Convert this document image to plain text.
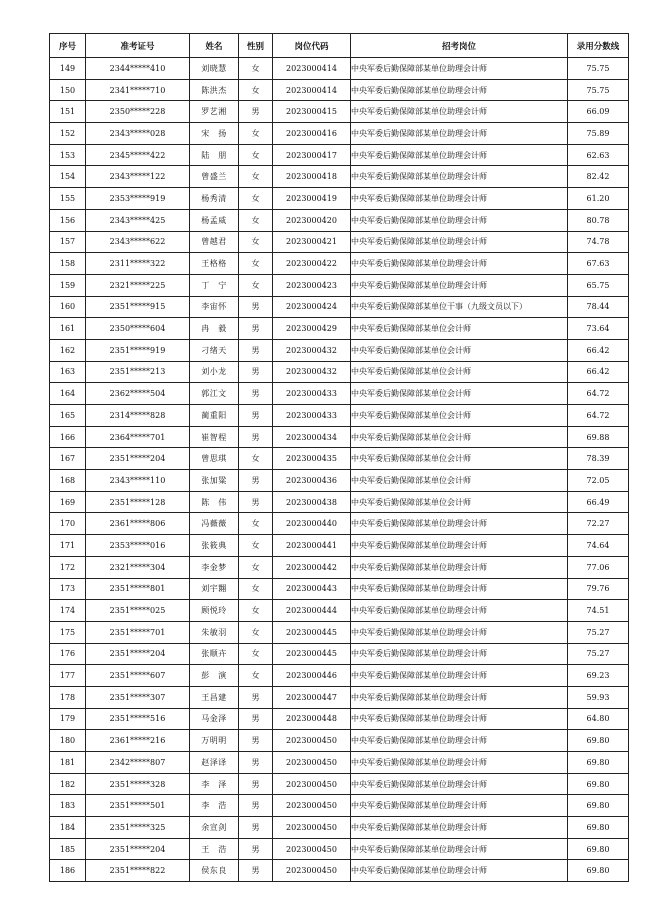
序号	准考证号	姓名	性别	岗位代码	招考岗位	录用分数线
149	2344*****410	刘晓慧	女	2023000414	中央军委后勤保障部某单位助理会计师	75.75
150	2341*****710	陈洪杰	女	2023000414	中央军委后勤保障部某单位助理会计师	75.75
151	2350*****228	罗艺湘	男	2023000415	中央军委后勤保障部某单位助理会计师	66.09
152	2343*****028	宋　扬	女	2023000416	中央军委后勤保障部某单位助理会计师	75.89
153	2345*****422	陆　朋	女	2023000417	中央军委后勤保障部某单位助理会计师	62.63
154	2343*****122	曾盛兰	女	2023000418	中央军委后勤保障部某单位助理会计师	82.42
155	2353*****919	杨秀清	女	2023000419	中央军委后勤保障部某单位助理会计师	61.20
156	2343*****425	杨孟威	女	2023000420	中央军委后勤保障部某单位助理会计师	80.78
157	2343*****622	曾越君	女	2023000421	中央军委后勤保障部某单位助理会计师	74.78
158	2311*****322	王格格	女	2023000422	中央军委后勤保障部某单位助理会计师	67.63
159	2321*****225	丁　宁	女	2023000423	中央军委后勤保障部某单位助理会计师	65.75
160	2351*****915	李宙怀	男	2023000424	中央军委后勤保障部某单位干事（九级文员以下）	78.44
161	2350*****604	冉　毅	男	2023000429	中央军委后勤保障部某单位会计师	73.64
162	2351*****919	刁绪天	男	2023000432	中央军委后勤保障部某单位会计师	66.42
163	2351*****213	刘小龙	男	2023000432	中央军委后勤保障部某单位会计师	66.42
164	2362*****504	郭江文	男	2023000433	中央军委后勤保障部某单位会计师	64.72
165	2314*****828	蔺重阳	男	2023000433	中央军委后勤保障部某单位会计师	64.72
166	2364*****701	崔智程	男	2023000434	中央军委后勤保障部某单位会计师	69.88
167	2351*****204	曾思琪	女	2023000435	中央军委后勤保障部某单位会计师	78.39
168	2343*****110	张加粱	男	2023000436	中央军委后勤保障部某单位会计师	72.05
169	2351*****128	陈　伟	男	2023000438	中央军委后勤保障部某单位会计师	66.49
170	2361*****806	冯薇薇	女	2023000440	中央军委后勤保障部某单位助理会计师	72.27
171	2353*****016	张筱典	女	2023000441	中央军委后勤保障部某单位助理会计师	74.64
172	2321*****304	李金梦	女	2023000442	中央军委后勤保障部某单位助理会计师	77.06
173	2351*****801	刘宇翾	女	2023000443	中央军委后勤保障部某单位助理会计师	79.76
174	2351*****025	顾悦玲	女	2023000444	中央军委后勤保障部某单位助理会计师	74.51
175	2351*****701	朱敏羽	女	2023000445	中央军委后勤保障部某单位助理会计师	75.27
176	2351*****204	张顺卉	女	2023000445	中央军委后勤保障部某单位助理会计师	75.27
177	2351*****607	彭　演	女	2023000446	中央军委后勤保障部某单位助理会计师	69.23
178	2351*****307	王昌建	男	2023000447	中央军委后勤保障部某单位助理会计师	59.93
179	2351*****516	马金泽	男	2023000448	中央军委后勤保障部某单位助理会计师	64.80
180	2361*****216	万明明	男	2023000450	中央军委后勤保障部某单位助理会计师	69.80
181	2342*****807	赵泽译	男	2023000450	中央军委后勤保障部某单位助理会计师	69.80
182	2351*****328	李　泽	男	2023000450	中央军委后勤保障部某单位助理会计师	69.80
183	2351*****501	李　浩	男	2023000450	中央军委后勤保障部某单位助理会计师	69.80
184	2351*****325	余宣剑	男	2023000450	中央军委后勤保障部某单位助理会计师	69.80
185	2351*****204	王　浩	男	2023000450	中央军委后勤保障部某单位助理会计师	69.80
186	2351*****822	侯东良	男	2023000450	中央军委后勤保障部某单位助理会计师	69.80
